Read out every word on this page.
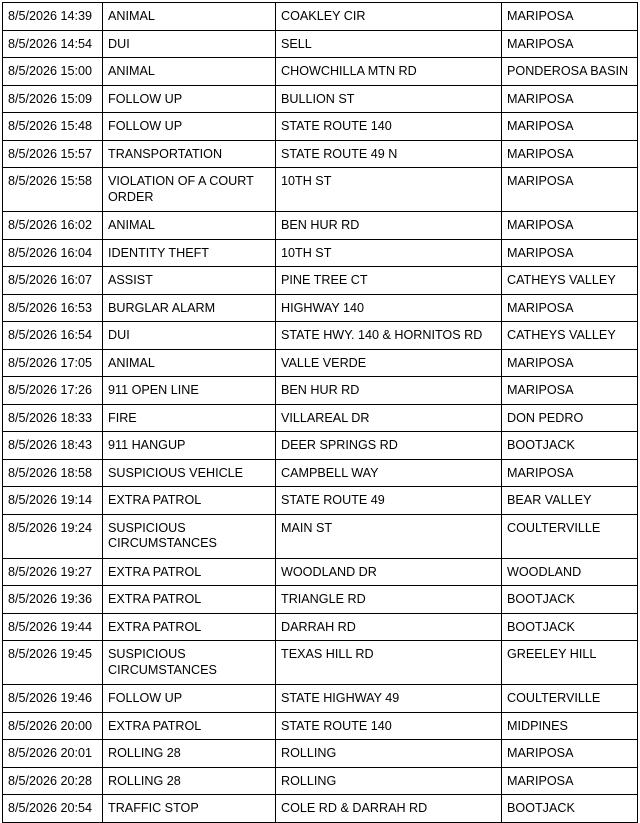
8/5/2026 14:39	ANIMAL	COAKLEY CIR	MARIPOSA
8/5/2026 14:54	DUI	SELL	MARIPOSA
8/5/2026 15:00	ANIMAL	CHOWCHILLA MTN RD	PONDEROSA BASIN
8/5/2026 15:09	FOLLOW UP	BULLION ST	MARIPOSA
8/5/2026 15:48	FOLLOW UP	STATE ROUTE 140	MARIPOSA
8/5/2026 15:57	TRANSPORTATION	STATE ROUTE 49 N	MARIPOSA
8/5/2026 15:58	VIOLATION OF A COURT ORDER	10TH ST	MARIPOSA
8/5/2026 16:02	ANIMAL	BEN HUR RD	MARIPOSA
8/5/2026 16:04	IDENTITY THEFT	10TH ST	MARIPOSA
8/5/2026 16:07	ASSIST	PINE TREE CT	CATHEYS VALLEY
8/5/2026 16:53	BURGLAR ALARM	HIGHWAY 140	MARIPOSA
8/5/2026 16:54	DUI	STATE HWY. 140 & HORNITOS RD	CATHEYS VALLEY
8/5/2026 17:05	ANIMAL	VALLE VERDE	MARIPOSA
8/5/2026 17:26	911 OPEN LINE	BEN HUR RD	MARIPOSA
8/5/2026 18:33	FIRE	VILLAREAL DR	DON PEDRO
8/5/2026 18:43	911 HANGUP	DEER SPRINGS RD	BOOTJACK
8/5/2026 18:58	SUSPICIOUS VEHICLE	CAMPBELL WAY	MARIPOSA
8/5/2026 19:14	EXTRA PATROL	STATE ROUTE 49	BEAR VALLEY
8/5/2026 19:24	SUSPICIOUS CIRCUMSTANCES	MAIN ST	COULTERVILLE
8/5/2026 19:27	EXTRA PATROL	WOODLAND DR	WOODLAND
8/5/2026 19:36	EXTRA PATROL	TRIANGLE RD	BOOTJACK
8/5/2026 19:44	EXTRA PATROL	DARRAH RD	BOOTJACK
8/5/2026 19:45	SUSPICIOUS CIRCUMSTANCES	TEXAS HILL RD	GREELEY HILL
8/5/2026 19:46	FOLLOW UP	STATE HIGHWAY 49	COULTERVILLE
8/5/2026 20:00	EXTRA PATROL	STATE ROUTE 140	MIDPINES
8/5/2026 20:01	ROLLING 28	ROLLING	MARIPOSA
8/5/2026 20:28	ROLLING 28	ROLLING	MARIPOSA
8/5/2026 20:54	TRAFFIC STOP	COLE RD & DARRAH RD	BOOTJACK
